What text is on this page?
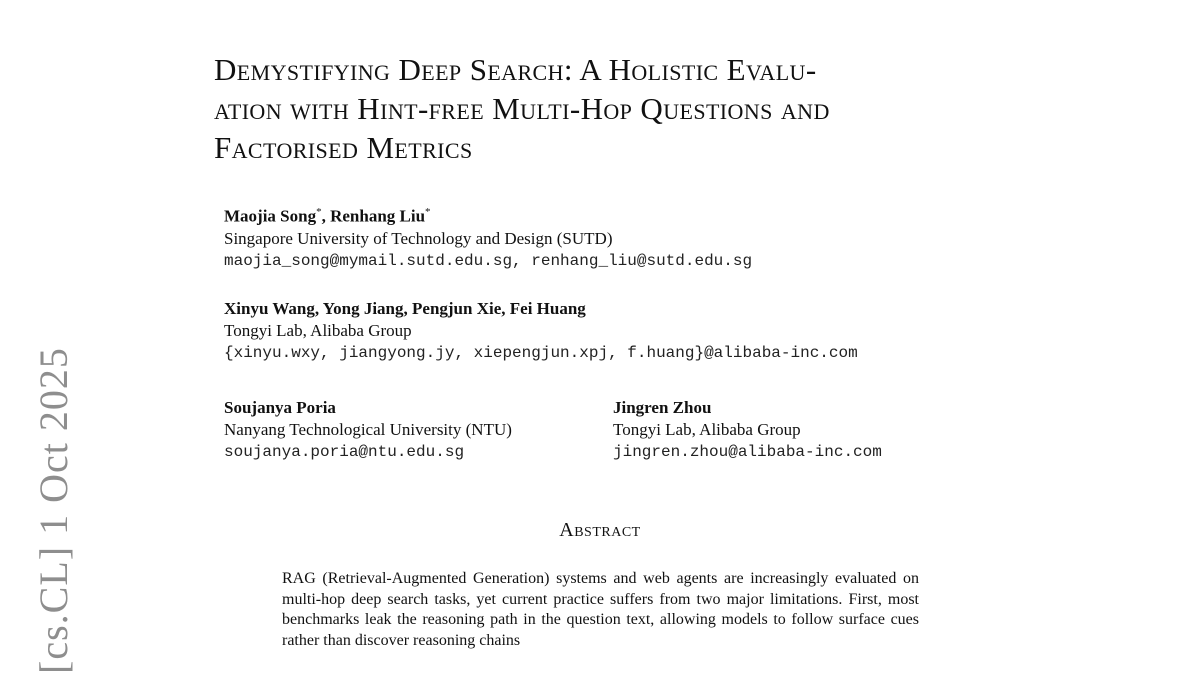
[cs.CL] 1 Oct 2025
Demystifying Deep Search: A Holistic Evalu-
ation with Hint-free Multi-Hop Questions and
Factorised Metrics
Maojia Song*, Renhang Liu*
Singapore University of Technology and Design (SUTD)
maojia_song@mymail.sutd.edu.sg, renhang_liu@sutd.edu.sg
Xinyu Wang, Yong Jiang, Pengjun Xie, Fei Huang
Tongyi Lab, Alibaba Group
{xinyu.wxy, jiangyong.jy, xiepengjun.xpj, f.huang}@alibaba-inc.com
Soujanya Poria
Nanyang Technological University (NTU)
soujanya.poria@ntu.edu.sg
Jingren Zhou
Tongyi Lab, Alibaba Group
jingren.zhou@alibaba-inc.com
Abstract

RAG (Retrieval-Augmented Generation) systems and web agents are increasingly evaluated on multi-hop deep search tasks, yet current practice suffers from two major limitations. First, most benchmarks leak the reasoning path in the question text, allowing models to follow surface cues rather than discover reasoning chains
